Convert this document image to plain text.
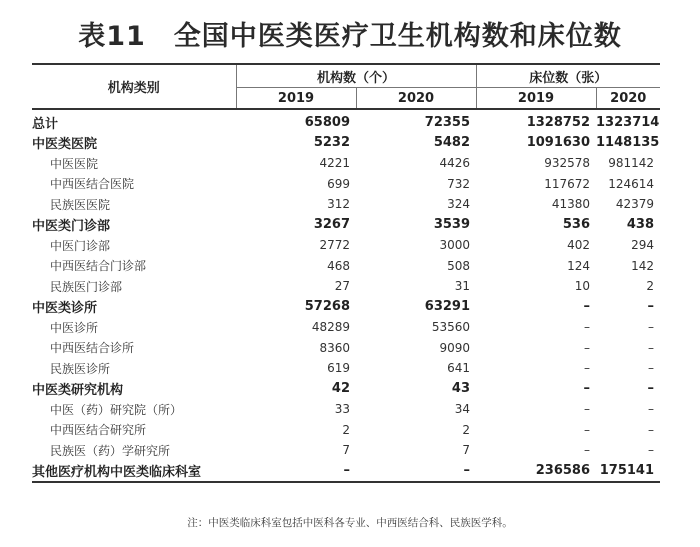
表11　全国中医类医疗卫生机构数和床位数
机构类别	机构数（个）		床位数（张）	
	2019	2020	2019	2020
总计	65809	72355	1328752	1323714
中医类医院	5232	5482	1091630	1148135
中医医院	4221	4426	932578	981142
中西医结合医院	699	732	117672	124614
民族医医院	312	324	41380	42379
中医类门诊部	3267	3539	536	438
中医门诊部	2772	3000	402	294
中西医结合门诊部	468	508	124	142
民族医门诊部	27	31	10	2
中医类诊所	57268	63291	–	–
中医诊所	48289	53560	–	–
中西医结合诊所	8360	9090	–	–
民族医诊所	619	641	–	–
中医类研究机构	42	43	–	–
中医（药）研究院（所）	33	34	–	–
中西医结合研究所	2	2	–	–
民族医（药）学研究所	7	7	–	–
其他医疗机构中医类临床科室	–	–	236586	175141
注：中医类临床科室包括中医科各专业、中西医结合科、民族医学科。
